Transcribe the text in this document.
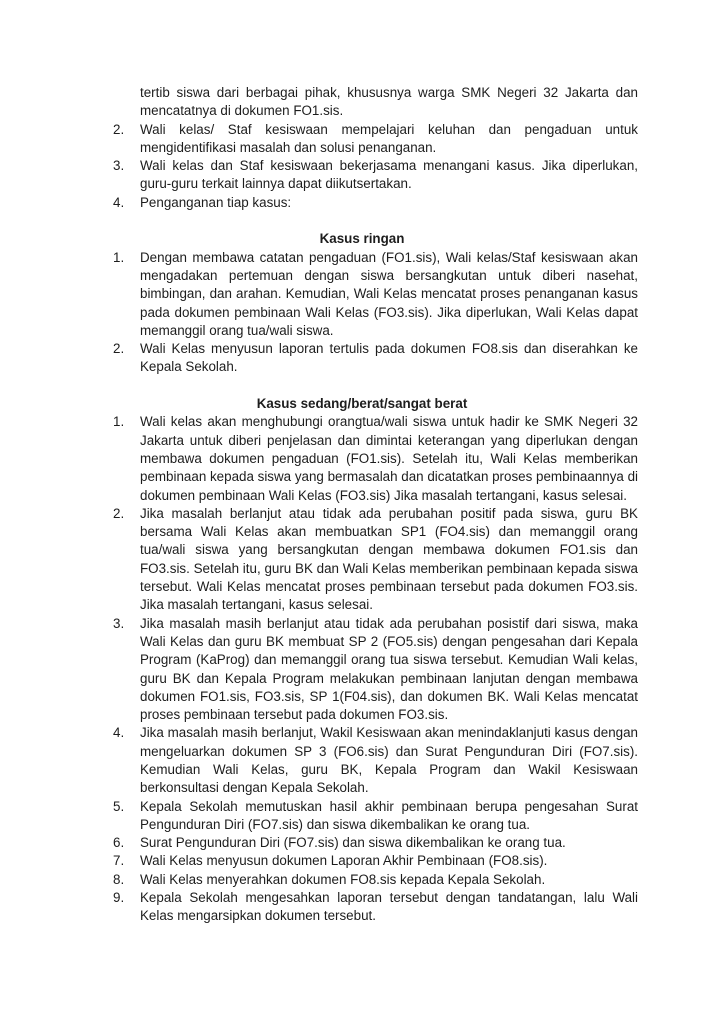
tertib siswa dari berbagai pihak, khususnya warga SMK Negeri 32 Jakarta dan mencatatnya di dokumen FO1.sis.

2. Wali kelas/ Staf kesiswaan mempelajari keluhan dan pengaduan untuk mengidentifikasi masalah dan solusi penanganan.
3. Wali kelas dan Staf kesiswaan bekerjasama menangani kasus. Jika diperlukan, guru-guru terkait lainnya dapat diikutsertakan.
4. Penganganan tiap kasus:
Kasus ringan
1. Dengan membawa catatan pengaduan (FO1.sis), Wali kelas/Staf kesiswaan akan mengadakan pertemuan dengan siswa bersangkutan untuk diberi nasehat, bimbingan, dan arahan. Kemudian, Wali Kelas mencatat proses penanganan kasus pada dokumen pembinaan Wali Kelas (FO3.sis). Jika diperlukan, Wali Kelas dapat memanggil orang tua/wali siswa.
2. Wali Kelas menyusun laporan tertulis pada dokumen FO8.sis dan diserahkan ke Kepala Sekolah.
Kasus sedang/berat/sangat berat
1. Wali kelas akan menghubungi orangtua/wali siswa untuk hadir ke SMK Negeri 32 Jakarta untuk diberi penjelasan dan dimintai keterangan yang diperlukan dengan membawa dokumen pengaduan (FO1.sis). Setelah itu, Wali Kelas memberikan pembinaan kepada siswa yang bermasalah dan dicatatkan proses pembinaannya di dokumen pembinaan Wali Kelas (FO3.sis) Jika masalah tertangani, kasus selesai.
2. Jika masalah berlanjut atau tidak ada perubahan positif pada siswa, guru BK bersama Wali Kelas akan membuatkan SP1 (FO4.sis) dan memanggil orang tua/wali siswa yang bersangkutan dengan membawa dokumen FO1.sis dan FO3.sis. Setelah itu, guru BK dan Wali Kelas memberikan pembinaan kepada siswa tersebut. Wali Kelas mencatat proses pembinaan tersebut pada dokumen FO3.sis. Jika masalah tertangani, kasus selesai.
3. Jika masalah masih berlanjut atau tidak ada perubahan posistif dari siswa, maka Wali Kelas dan guru BK membuat SP 2 (FO5.sis) dengan pengesahan dari Kepala Program (KaProg) dan memanggil orang tua siswa tersebut. Kemudian Wali kelas, guru BK dan Kepala Program melakukan pembinaan lanjutan dengan membawa dokumen FO1.sis, FO3.sis, SP 1(F04.sis), dan dokumen BK. Wali Kelas mencatat proses pembinaan tersebut pada dokumen FO3.sis.
4. Jika masalah masih berlanjut, Wakil Kesiswaan akan menindaklanjuti kasus dengan mengeluarkan dokumen SP 3 (FO6.sis) dan Surat Pengunduran Diri (FO7.sis). Kemudian Wali Kelas, guru BK, Kepala Program dan Wakil Kesiswaan berkonsultasi dengan Kepala Sekolah.
5. Kepala Sekolah memutuskan hasil akhir pembinaan berupa pengesahan Surat Pengunduran Diri (FO7.sis) dan siswa dikembalikan ke orang tua.
6. Surat Pengunduran Diri (FO7.sis) dan siswa dikembalikan ke orang tua.
7. Wali Kelas menyusun dokumen Laporan Akhir Pembinaan (FO8.sis).
8. Wali Kelas menyerahkan dokumen FO8.sis kepada Kepala Sekolah.
9. Kepala Sekolah mengesahkan laporan tersebut dengan tandatangan, lalu Wali Kelas mengarsipkan dokumen tersebut.
